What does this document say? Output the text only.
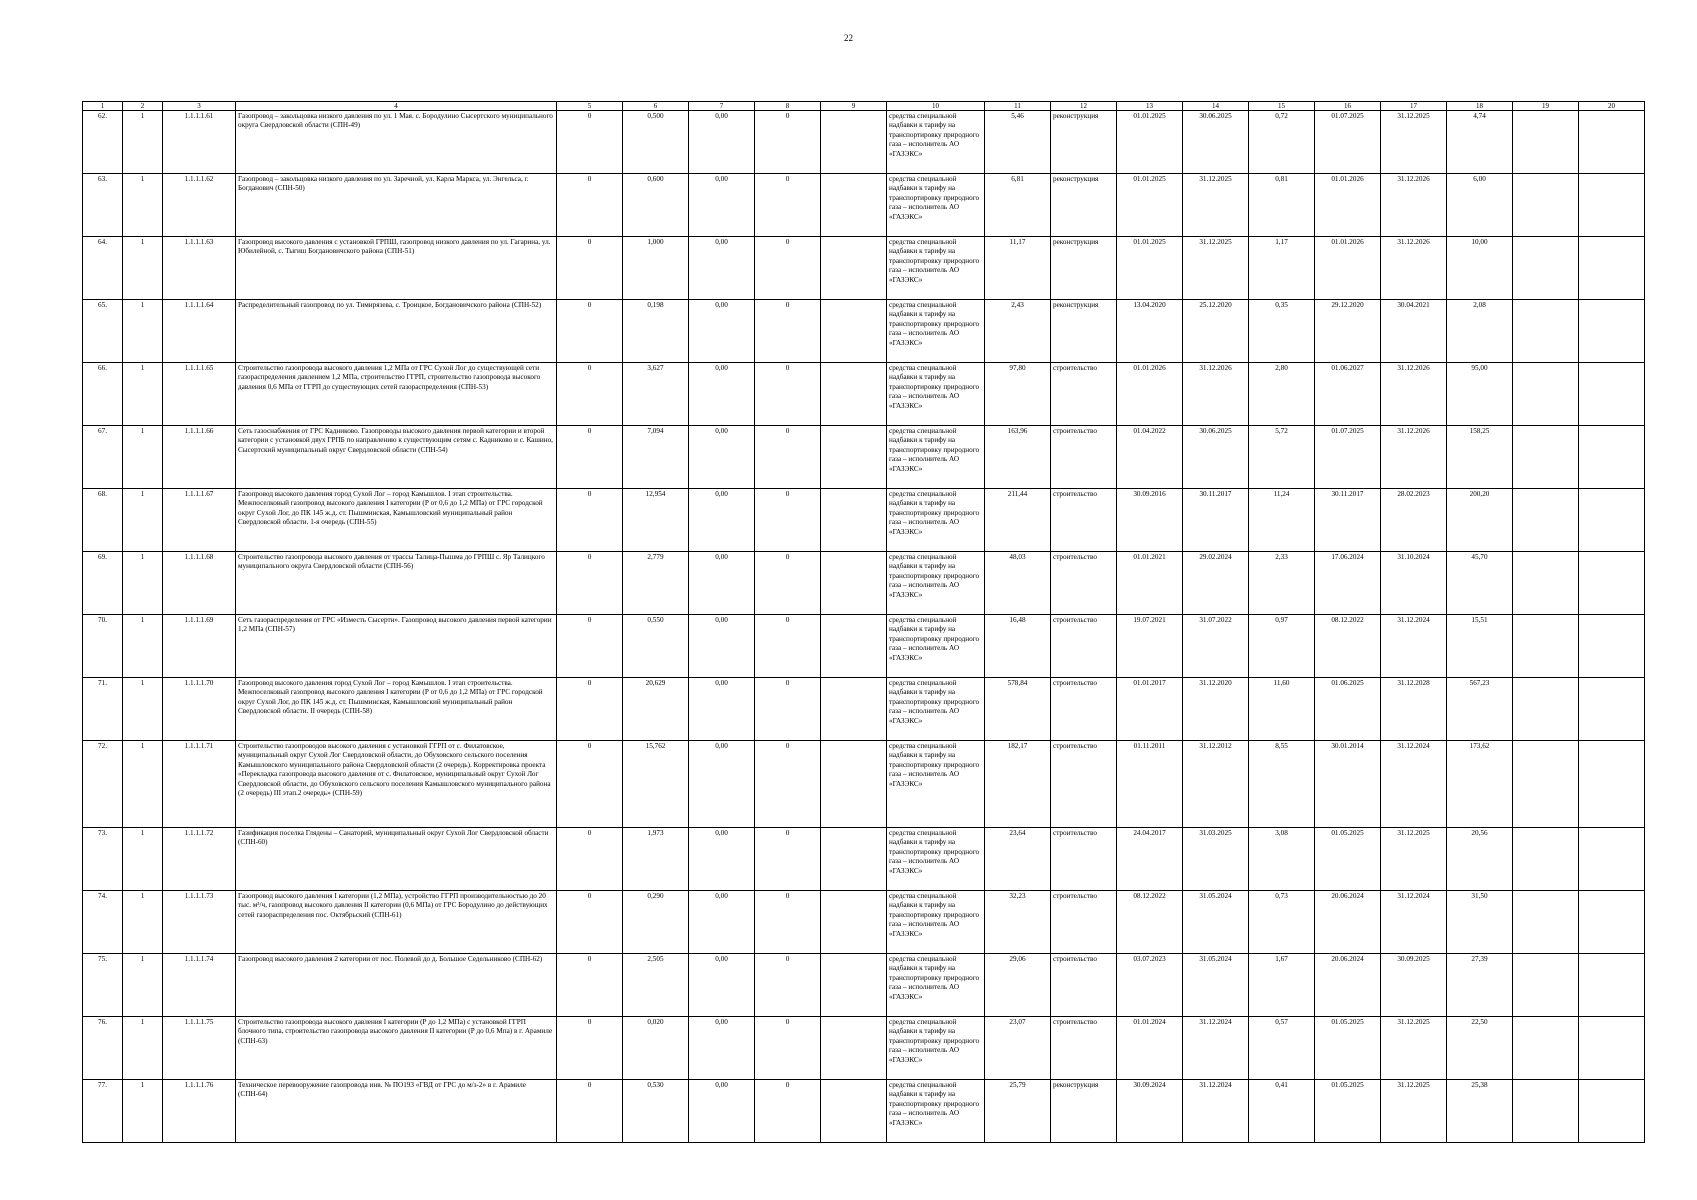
22
1	2	3	4	5	6	7	8	9	10	11	12	13	14	15	16	17	18	19	20
62.	1	1.1.1.1.61	Газопровод – закольцовка низкого давления по ул. 1 Мая. с. Бородулино Сысертского муниципального округа Свердловской области (СПН-49)	0	0,500	0,00	0		средства специальной надбавки к тарифу на транспортировку природного газа – исполнитель АО «ГАЗЭКС»	5,46	реконструкция	01.01.2025	30.06.2025	0,72	01.07.2025	31.12.2025	4,74		
63.	1	1.1.1.1.62	Газопровод – закольцовка низкого давления по ул. Заречной, ул. Карла Маркса, ул. Энгельса, г. Богданович (СПН-50)	0	0,600	0,00	0		средства специальной надбавки к тарифу на транспортировку природного газа – исполнитель АО «ГАЗЭКС»	6,81	реконструкция	01.01.2025	31.12.2025	0,81	01.01.2026	31.12.2026	6,00		
64.	1	1.1.1.1.63	Газопровод высокого давления с установкой ГРПШ, газопровод низкого давления по ул. Гагарина, ул. Юбилейной, с. Тыгиш Богдановичского района (СПН-51)	0	1,000	0,00	0		средства специальной надбавки к тарифу на транспортировку природного газа – исполнитель АО «ГАЗЭКС»	11,17	реконструкция	01.01.2025	31.12.2025	1,17	01.01.2026	31.12.2026	10,00		
65.	1	1.1.1.1.64	Распределительный газопровод по ул. Тимирязева, с. Троицкое, Богдановичского района (СПН-52)	0	0,198	0,00	0		средства специальной надбавки к тарифу на транспортировку природного газа – исполнитель АО «ГАЗЭКС»	2,43	реконструкция	13.04.2020	25.12.2020	0,35	29.12.2020	30.04.2021	2,08		
66.	1	1.1.1.1.65	Строительство газопровода высокого давления 1,2 МПа от ГРС Сухой Лог до существующей сети газораспределения давлением 1,2 МПа, строительство ГГРП, строительство газопровода высокого давления 0,6 МПа от ГГРП до существующих сетей газораспределения (СПН-53)	0	3,627	0,00	0		средства специальной надбавки к тарифу на транспортировку природного газа – исполнитель АО «ГАЗЭКС»	97,80	строительство	01.01.2026	31.12.2026	2,80	01.06.2027	31.12.2026	95,00		
67.	1	1.1.1.1.66	Сеть газоснабжения от ГРС Кадниково. Газопроводы высокого давления первой категории и второй категории с установкой двух ГРПБ по направлению к существующим сетям с. Кадниково и с. Кашино, Сысертский муниципальный округ Свердловской области (СПН-54)	0	7,094	0,00	0		средства специальной надбавки к тарифу на транспортировку природного газа – исполнитель АО «ГАЗЭКС»	163,96	строительство	01.04.2022	30.06.2025	5,72	01.07.2025	31.12.2026	158,25		
68.	1	1.1.1.1.67	Газопровод высокого давления город Сухой Лог – город Камышлов. I этап строительства. Межпоселковый газопровод высокого давления I категории (Р от 0,6 до 1,2 МПа) от ГРС городской округ Сухой Лог, до ПК 145 ж.д. ст. Пышминская, Камышловский муниципальный район Свердловской области. 1-я очередь (СПН-55)	0	12,954	0,00	0		средства специальной надбавки к тарифу на транспортировку природного газа – исполнитель АО «ГАЗЭКС»	211,44	строительство	30.09.2016	30.11.2017	11,24	30.11.2017	28.02.2023	200,20		
69.	1	1.1.1.1.68	Строительство газопровода высокого давления от трассы Талица-Пышма до ГРПШ с. Яр Талицкого муниципального округа Свердловской области (СПН-56)	0	2,779	0,00	0		средства специальной надбавки к тарифу на транспортировку природного газа – исполнитель АО «ГАЗЭКС»	48,03	строительство	01.01.2021	29.02.2024	2,33	17.06.2024	31.10.2024	45,70		
70.	1	1.1.1.1.69	Сеть газораспределения от ГРС «Изместь Сысерти». Газопровод высокого давления первой категории 1,2 МПа (СПН-57)	0	0,550	0,00	0		средства специальной надбавки к тарифу на транспортировку природного газа – исполнитель АО «ГАЗЭКС»	16,48	строительство	19.07.2021	31.07.2022	0,97	08.12.2022	31.12.2024	15,51		
71.	1	1.1.1.1.70	Газопровод высокого давления город Сухой Лог – город Камышлов. I этап строительства. Межпоселковый газопровод высокого давления I категории (Р от 0,6 до 1,2 МПа) от ГРС городской округ Сухой Лог, до ПК 145 ж.д. ст. Пышминская, Камышловский муниципальный район Свердловской области. II очередь (СПН-58)	0	20,629	0,00	0		средства специальной надбавки к тарифу на транспортировку природного газа – исполнитель АО «ГАЗЭКС»	578,84	строительство	01.01.2017	31.12.2020	11,60	01.06.2025	31.12.2028	567,23		
72.	1	1.1.1.1.71	Строительство газопроводов высокого давления с установкой ГГРП от с. Филатовское, муниципальный округ Сухой Лог Свердловской области, до Обуховского сельского поселения Камышловского муниципального района Свердловской области (2 очередь). Корректировка проекта «Перекладка газопровода высокого давления от с. Филатовское, муниципальный округ Сухой Лог Свердловской области, до Обуховского сельского поселения Камышловского муниципального района (2 очередь) III этап.2 очередь» (СПН-59)	0	15,762	0,00	0		средства специальной надбавки к тарифу на транспортировку природного газа – исполнитель АО «ГАЗЭКС»	182,17	строительство	01.11.2011	31.12.2012	8,55	30.01.2014	31.12.2024	173,62		
73.	1	1.1.1.1.72	Газификация поселка Глядены – Санаторий, муниципальный округ Сухой Лог Свердловской области (СПН-60)	0	1,973	0,00	0		средства специальной надбавки к тарифу на транспортировку природного газа – исполнитель АО «ГАЗЭКС»	23,64	строительство	24.04.2017	31.03.2025	3,08	01.05.2025	31.12.2025	20,56		
74.	1	1.1.1.1.73	Газопровод высокого давления I категории (1,2 МПа), устройство ГГРП производительностью до 20 тыс. м³/ч, газопровод высокого давления II категории (0,6 МПа) от ГРС Бородулино до действующих сетей газораспределения пос. Октябрьский (СПН-61)	0	0,290	0,00	0		средства специальной надбавки к тарифу на транспортировку природного газа – исполнитель АО «ГАЗЭКС»	32,23	строительство	08.12.2022	31.05.2024	0,73	20.06.2024	31.12.2024	31,50		
75.	1	1.1.1.1.74	Газопровод высокого давления 2 категории от пос. Полевой до д. Большое Седельниково (СПН-62)	0	2,505	0,00	0		средства специальной надбавки к тарифу на транспортировку природного газа – исполнитель АО «ГАЗЭКС»	29,06	строительство	03.07.2023	31.05.2024	1,67	20.06.2024	30.09.2025	27,39		
76.	1	1.1.1.1.75	Строительство газопровода высокого давления I категории (Р до 1,2 МПа) с установкой ГГРП блочного типа, строительство газопровода высокого давления II категории (Р до 0,6 Мпа) в г. Арамиле (СПН-63)	0	0,020	0,00	0		средства специальной надбавки к тарифу на транспортировку природного газа – исполнитель АО «ГАЗЭКС»	23,07	строительство	01.01.2024	31.12.2024	0,57	01.05.2025	31.12.2025	22,50		
77.	1	1.1.1.1.76	Техническое перевооружение газопровода инв. № ПО193 «ГВД от ГРС до м/з-2» в г. Арамиле (СПН-64)	0	0,530	0,00	0		средства специальной надбавки к тарифу на транспортировку природного газа – исполнитель АО «ГАЗЭКС»	25,79	реконструкция	30.09.2024	31.12.2024	0,41	01.05.2025	31.12.2025	25,38		
